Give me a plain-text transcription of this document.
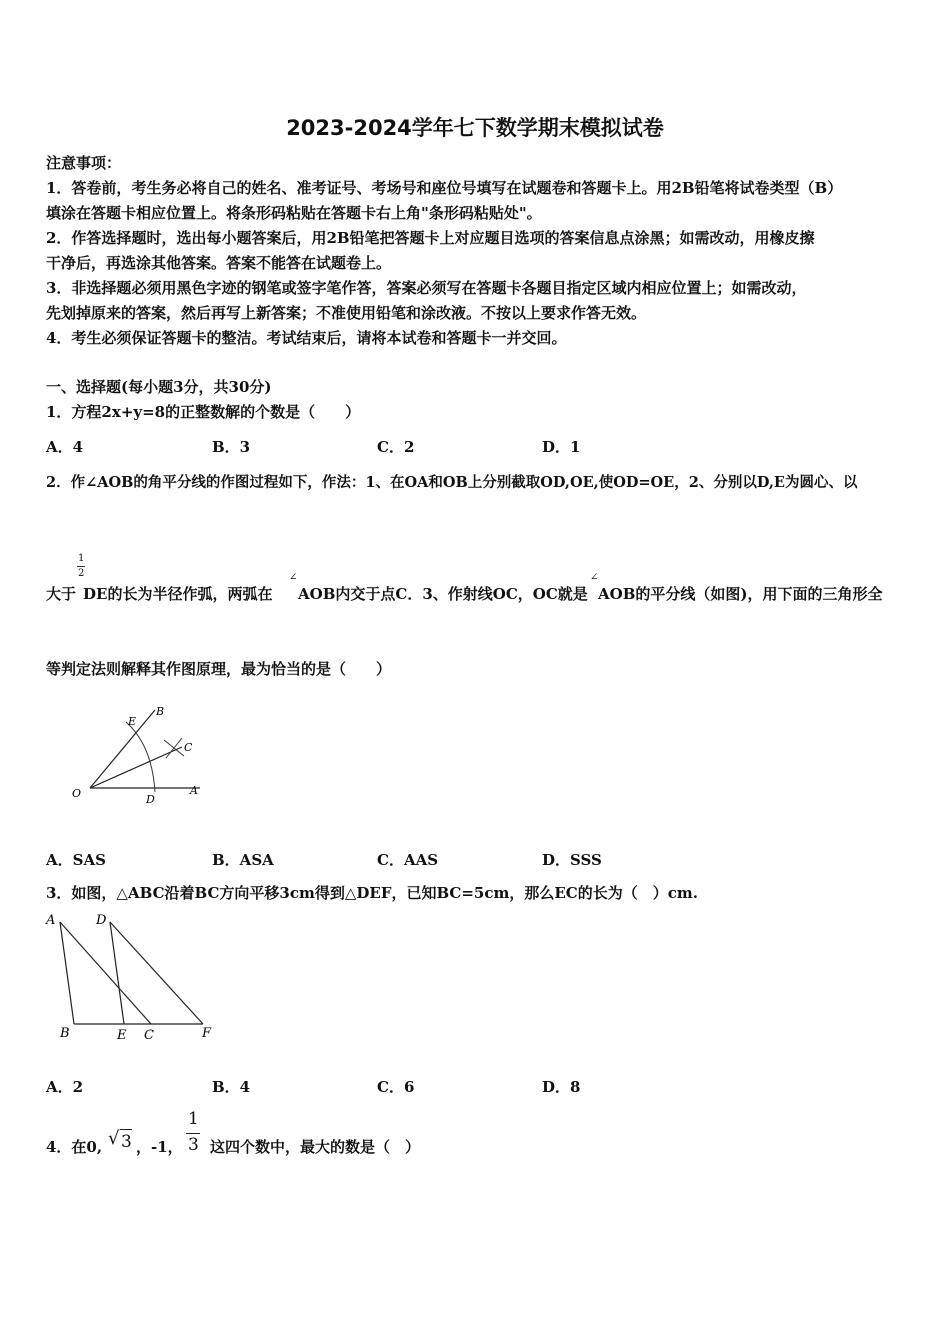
2023-2024学年七下数学期末模拟试卷
注意事项：
1．答卷前，考生务必将自己的姓名、准考证号、考场号和座位号填写在试题卷和答题卡上。用2B铅笔将试卷类型（B）
填涂在答题卡相应位置上。将条形码粘贴在答题卡右上角"条形码粘贴处"。
2．作答选择题时，选出每小题答案后，用2B铅笔把答题卡上对应题目选项的答案信息点涂黑；如需改动，用橡皮擦
干净后，再选涂其他答案。答案不能答在试题卷上。
3．非选择题必须用黑色字迹的钢笔或签字笔作答，答案必须写在答题卡各题目指定区域内相应位置上；如需改动，
先划掉原来的答案，然后再写上新答案；不准使用铅笔和涂改液。不按以上要求作答无效。
4．考生必须保证答题卡的整洁。考试结束后，请将本试卷和答题卡一并交回。
一、选择题(每小题3分，共30分)
1．方程2x+y=8的正整数解的个数是（　　）
A．4	B．3	C．2	D．1
2．作∠AOB的角平分线的作图过程如下，作法：1、在OA和OB上分别截取OD,OE,使OD=OE，2、分别以D,E为圆心、以
1
2
大于 DE的长为半径作弧，两弧在
∠
AOB内交于点C．3、作射线OC，OC就是
∠
AOB的平分线（如图)，用下面的三角形全
等判定法则解释其作图原理，最为恰当的是（　　）
O	D
A
E
B
C
A．SAS	B．ASA	C．AAS	D．SSS
3．如图，△ABC沿着BC方向平移3cm得到△DEF，已知BC=5cm，那么EC的长为（　）cm.
A	D
B	E C	F
A．2	B．4	C．6	D．8
4．在0, √ 3 ，-1，
1
3 这四个数中，最大的数是（　）
